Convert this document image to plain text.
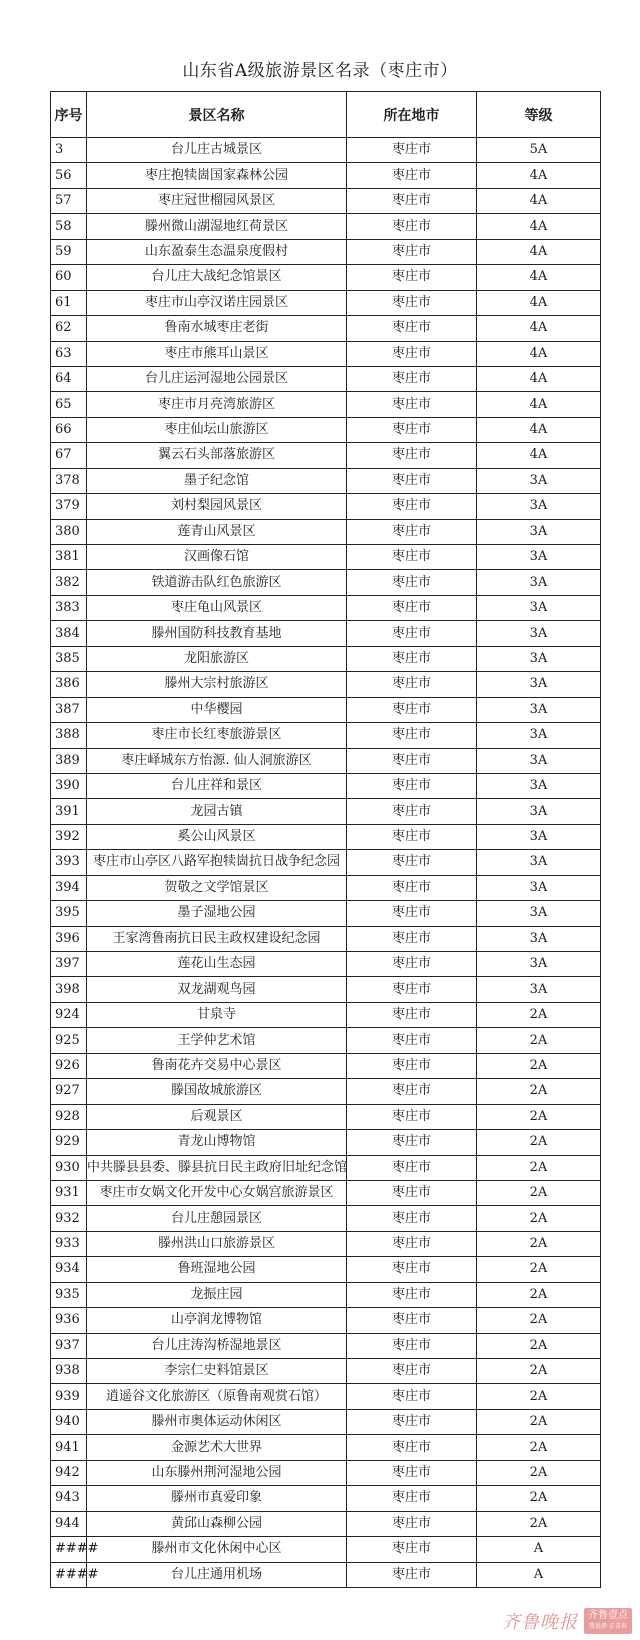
山东省A级旅游景区名录（枣庄市）
序号	景区名称	所在地市	等级
3	台儿庄古城景区	枣庄市	5A
56	枣庄抱犊崮国家森林公园	枣庄市	4A
57	枣庄冠世榴园风景区	枣庄市	4A
58	滕州微山湖湿地红荷景区	枣庄市	4A
59	山东盈泰生态温泉度假村	枣庄市	4A
60	台儿庄大战纪念馆景区	枣庄市	4A
61	枣庄市山亭汉诺庄园景区	枣庄市	4A
62	鲁南水城枣庄老街	枣庄市	4A
63	枣庄市熊耳山景区	枣庄市	4A
64	台儿庄运河湿地公园景区	枣庄市	4A
65	枣庄市月亮湾旅游区	枣庄市	4A
66	枣庄仙坛山旅游区	枣庄市	4A
67	翼云石头部落旅游区	枣庄市	4A
378	墨子纪念馆	枣庄市	3A
379	刘村梨园风景区	枣庄市	3A
380	莲青山风景区	枣庄市	3A
381	汉画像石馆	枣庄市	3A
382	铁道游击队红色旅游区	枣庄市	3A
383	枣庄龟山风景区	枣庄市	3A
384	滕州国防科技教育基地	枣庄市	3A
385	龙阳旅游区	枣庄市	3A
386	滕州大宗村旅游区	枣庄市	3A
387	中华樱园	枣庄市	3A
388	枣庄市长红枣旅游景区	枣庄市	3A
389	枣庄峄城东方怡源. 仙人洞旅游区	枣庄市	3A
390	台儿庄祥和景区	枣庄市	3A
391	龙园古镇	枣庄市	3A
392	奚公山风景区	枣庄市	3A
393	枣庄市山亭区八路军抱犊崮抗日战争纪念园	枣庄市	3A
394	贺敬之文学馆景区	枣庄市	3A
395	墨子湿地公园	枣庄市	3A
396	王家湾鲁南抗日民主政权建设纪念园	枣庄市	3A
397	莲花山生态园	枣庄市	3A
398	双龙湖观鸟园	枣庄市	3A
924	甘泉寺	枣庄市	2A
925	王学仲艺术馆	枣庄市	2A
926	鲁南花卉交易中心景区	枣庄市	2A
927	滕国故城旅游区	枣庄市	2A
928	后观景区	枣庄市	2A
929	青龙山博物馆	枣庄市	2A
930	中共滕县县委、滕县抗日民主政府旧址纪念馆	枣庄市	2A
931	枣庄市女娲文化开发中心女娲宫旅游景区	枣庄市	2A
932	台儿庄憩园景区	枣庄市	2A
933	滕州洪山口旅游景区	枣庄市	2A
934	鲁班湿地公园	枣庄市	2A
935	龙振庄园	枣庄市	2A
936	山亭润龙博物馆	枣庄市	2A
937	台儿庄涛沟桥湿地景区	枣庄市	2A
938	李宗仁史料馆景区	枣庄市	2A
939	逍遥谷文化旅游区（原鲁南观赏石馆）	枣庄市	2A
940	滕州市奥体运动休闲区	枣庄市	2A
941	金源艺术大世界	枣庄市	2A
942	山东滕州荆河湿地公园	枣庄市	2A
943	滕州市真爱印象	枣庄市	2A
944	黄邱山森柳公园	枣庄市	2A
####	滕州市文化休闲中心区	枣庄市	A
####	台儿庄通用机场	枣庄市	A
齐鲁晚报 齐鲁壹点
我说者·正青春
